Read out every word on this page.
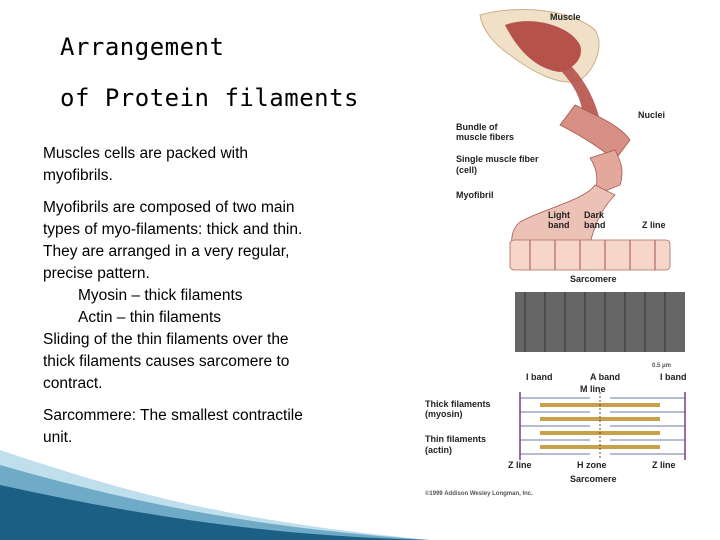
Arrangement
of Protein filaments

Muscles cells are packed with
myofibrils.

Myofibrils are composed of two main
types of myo-filaments: thick and thin.
They are arranged in a very regular,
precise pattern.
Myosin – thick filaments
Actin – thin filaments
Sliding of the thin filaments over the
thick filaments causes sarcomere to
contract.

Sarcommere: The smallest contractile
unit.

Muscle
Nuclei
Bundle of
muscle fibers
Single muscle fiber
(cell)
Myofibril
Light
band
Dark
band	Z line
Sarcomere
0.5 μm
I band	A band	I band
M line
Thick filaments
(myosin)
Thin filaments
(actin)
Z line	H zone	Z line
Sarcomere
©1999 Addison Wesley Longman, Inc.
